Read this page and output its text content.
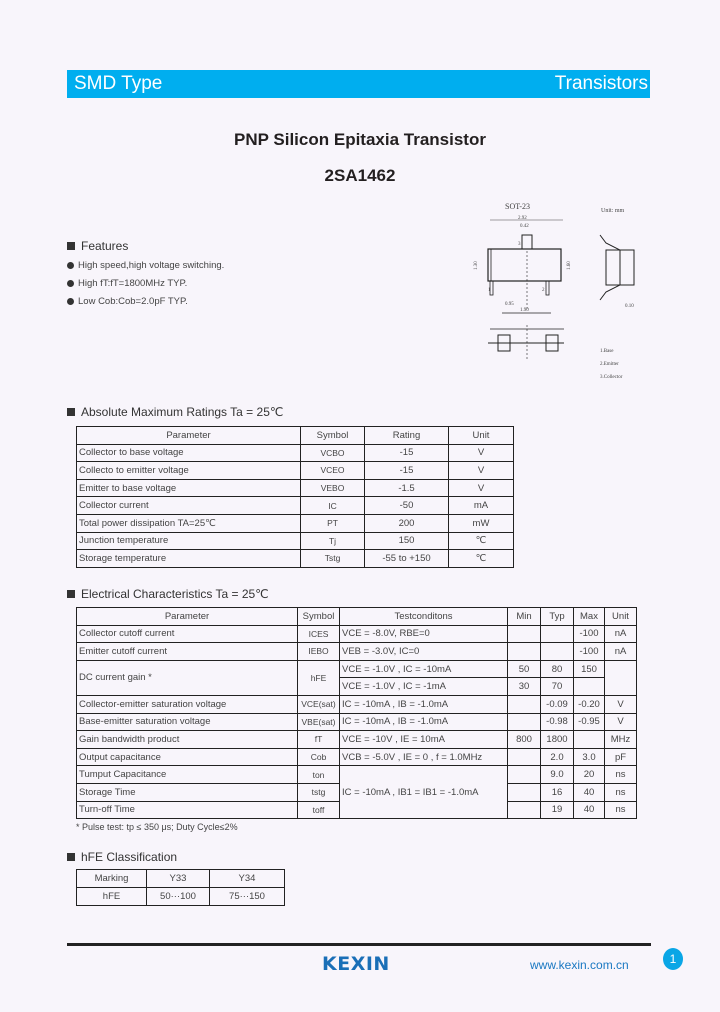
SMD Type	Transistors
PNP Silicon Epitaxia Transistor
2SA1462
Features
High speed,high voltage switching.
High fT:fT=1800MHz TYP.
Low Cob:Cob=2.0pF TYP.
SOT-23	Unit: mm
2.92
0.42
1	2
3
1.30	1.60
0.95
1.90
0.10
1.Base
2.Emitter
3.Collector
Absolute Maximum Ratings Ta = 25℃
Parameter	Symbol	Rating	Unit
Collector to base voltage	VCBO	-15	V
Collecto to emitter voltage	VCEO	-15	V
Emitter to base voltage	VEBO	-1.5	V
Collector current	IC	-50	mA
Total power dissipation TA=25℃	PT	200	mW
Junction temperature	Tj	150	℃
Storage temperature	Tstg	-55 to +150	℃
Electrical Characteristics Ta = 25℃
Parameter	Symbol	Testconditons	Min	Typ	Max	Unit
Collector cutoff current	ICES	VCE = -8.0V, RBE=0			-100	nA
Emitter cutoff current	IEBO	VEB = -3.0V, IC=0			-100	nA
DC current gain *	hFE	VCE = -1.0V , IC = -10mA	50	80	150	
		VCE = -1.0V , IC = -1mA	30	70		
Collector-emitter saturation voltage	VCE(sat)	IC = -10mA , IB = -1.0mA		-0.09	-0.20	V
Base-emitter saturation voltage	VBE(sat)	IC = -10mA , IB = -1.0mA		-0.98	-0.95	V
Gain bandwidth product	fT	VCE = -10V , IE = 10mA	800	1800		MHz
Output capacitance	Cob	VCB = -5.0V , IE = 0 , f = 1.0MHz		2.0	3.0	pF
Tumput Capacitance	ton	IC = -10mA , IB1 = IB1 = -1.0mA		9.0	20	ns
Storage Time	tstg			16	40	ns
Turn-off Time	toff			19	40	ns
* Pulse test: tp ≤ 350 μs; Duty Cycle≤2%
hFE Classification
Marking	Y33	Y34
hFE	50···100	75···150
KEXIN	www.kexin.com.cn	1
